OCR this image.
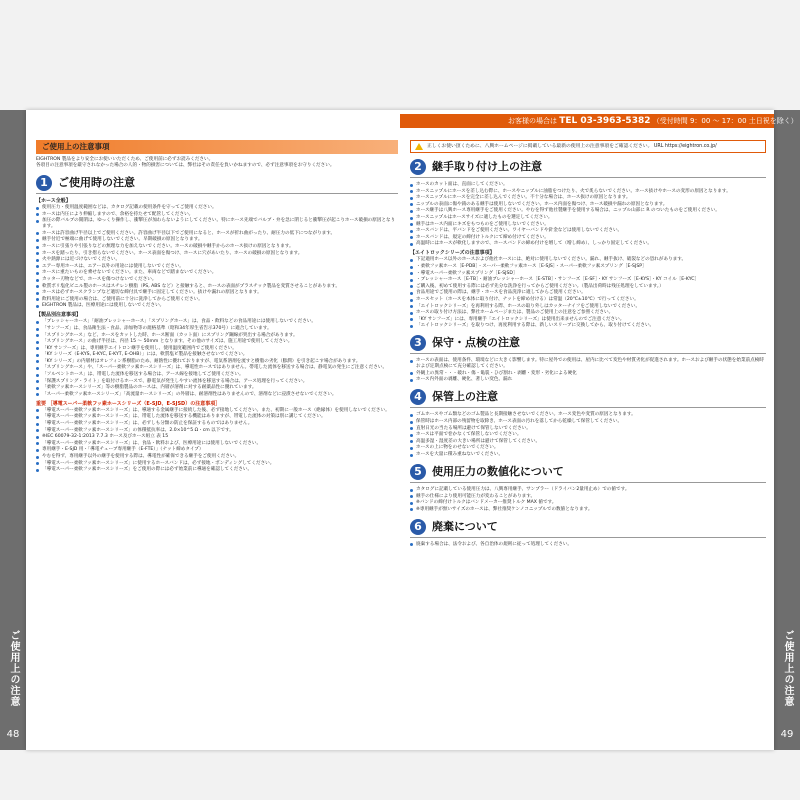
ご使用上の注意
48
ご使用上の注意
49
お客様の場合は TEL 03-3963-5382 （受付時間 9：00 ～ 17：00 土日祝を除く）
ご使用上の注意事項
EIGHTRON 製品をより安全にお使いいただくため、ご使用前に必ずお読みください。
各項目の注意事項を厳守されなかった場合の人的・物的損害については、弊社はその責任を負いかねますので、必ず注意事項をお守りください。
1 ご使用時の注意
【ホース全般】
使用圧力・使用温度範囲などは、カタログ記載の使用条件を守ってご使用ください。
ホースは内圧により伸縮しますので、余裕を持たせて配管してください。
加圧の際バルブの開閉は、ゆっくり操作し、衝撃圧が加わらないようにしてください。特にホース先端でバルブ・弁を急に閉じると衝撃圧が起こりホース破損の原因となります。
ホースは許容曲げ半径以上でご使用ください。許容曲げ半径以下でご使用になると、ホースが折れ曲がったり、耐圧力の低下につながります。
継手付近で極端に曲げて使用しないでください。早期破損の原因となります。
ホースに引張りや引張りなどの無理な力を加えないでください。ホースの破損や継手からのホース抜けの原因となります。
ホースを踏ったり、引き摺らないでください。ホース表面を傷つけ、ホースに穴があいたり、ホースの破損の原因となります。
火や熱源には近づけないでください。
エアー専用ホースは、エアー以外の用途には使用しないでください。
ホースに重たいものを乗せないでください。また、車両などで踏まないでください。
カッター刃物などで、ホースを傷つけないでください。
軟質ポリ塩化ビニル製のホースはスチレン樹脂（PS, ABS など）と接触すると、ホースの表面がプラスチック製品を変質させることがあります。
ホースは必ずホースクランプなど適切な締付具で継手に固定してください。抜けや漏れの原因となります。
飲料用途にご使用の場合は、ご使用前に十分に洗浄してからご使用ください。
EIGHTRON 製品は、医療用途には使用しないでください。
【製品別注意事項】
「ブレッシャーホース」「耐油ブレッシャーホース」「スプリングホース」は、食品・飲料などの食品用途には使用しないでください。
「サンフーズ」は、食品衛生法・食品、添加物等の規格基準（昭和34年厚生省告示370号）に適合しています。
「スプリングホース」など、ホースをカットした時、ホース断面（カット面）にスプリング鋼線が突出する場合があります。
「スプリングホース」の曲げ半径は、内径 15 ～ 50mm となります。その他のサイズは、施工用途で使用してください。
「KY サンフーズ」は、専用継手エイトロン継手を使用し、使用温度範囲内でご使用ください。
「KY シリーズ（E-KYS, E-KYC, E-KYT, E-OHB）」には、軟質塩ビ製品を接触させないでください。
「KY シリーズ」の内層材はオレフィン系樹脂のため、耐熱性に優れておりますが、電気系溶剤を流すと樹脂の劣化（膨潤）を引き起こす場合があります。
「スプリングホース」や、「スーパー柔軟フッ素ホースシリーズ」は、導電性ホースではありません。帯電した流体を移送する場合は、静電気の発生にご注意ください。
「ソルベントホース」は、帯電した流体を移送する場合は、アース線を接地してご使用ください。
「保護スプリング・ライト」を取付けるホースで、静電気が発生しやすい流体を移送する場合は、アース処理を行ってください。
「柔軟フッ素ホースシリーズ」等の樹脂製品のホースは、内層が溶剤に対する耐薬品性に優れています。
「スーパー柔軟フッ素ホースシリーズ」「高流量ホースシリーズ」の外層は、耐溶剤性はありませんので、溶剤などに浸漬させないでください。
重要 ［導電スーパー柔軟フッ素ホースシリーズ（E-SJD、E-SJSD）の注意事項］
「導電スーパー柔軟フッ素ホースシリーズ」は、導通する金属継手に接続した後、必ず接地してください。また、初期に一般ホース（絶縁体）を使用しないでください。
「導電スーパー柔軟フッ素ホースシリーズ」は、帯電した流体を移送する機能はありますが、帯電した流体の対策は別に講じてください。
「導電スーパー柔軟フッ素ホースシリーズ」は、必ずしも分類の防止を保証するものではありません。
「導電スーパー柔軟フッ素ホースシリーズ」の体積抵抗率は、2.0×10^5 Ω・cm 以下です。
※IEC 60079-32-1:2013 7.7.3 ホース及びホース組立 表 15
「導電スーパー柔軟フッ素ホースシリーズ」は、食品・飲料および、医療用途には使用しないでください。
専用継手・E-SJD 用・「導電チューブ専用継手（E-FTE）」（ナット締めタイプ）
やむを得ず、専用継手以外の継手を使用する際は、導電性が確保できる継手をご使用ください。
「導電スーパー柔軟フッ素ホースシリーズ」に使用するホースバンドは、必ず接地・ボンディングしてください。
「導電スーパー柔軟フッ素ホースシリーズ」をご使用の際には必ず始業前に導通を確認してください。
正しくお使い頂くために、八興ホームページに掲載している最新の使用上の注意事項をご確認ください。 URL https://eightron.co.jp/
2 継手取り付け上の注意
ホースのカット面は、直面にしてください。
ホースニップルにホースを差し込む際に、ホースやニップルに油脂をつけたり、火で炙らないでください。ホース抜けやホースの変形の原因となります。
ホースニップルにホースを完全に差し込んでください。不十分な場合は、ホース抜けの原因となります。
ニップルの表面に傷や錆のある継手は使用しないでください。ホース内面を傷つけ、ホース破損や漏れの原因となります。
ホース継手は八興ホース専用継手をご使用ください。やむを得ず他社製継手を使用する場合は、ニップル山部に R のついたものをご使用ください。
ホースニップルはホースサイズに適したものを選定してください。
継手はホース内面にキズをもつものをご使用しないでください。
ホースバンドは、平バンドをご使用ください。ワイヤーバンドや針金などは使用しないでください。
ホースバンドは、規定の締付けトルクにて締め付けてください。
高温時にはホースが軟化しますので、ホースバンドの締め付けを増して（増し締め）、しっかり固定してください。
【エイトロックシリーズの注意事項】
下記適用ホース以外のホースおよび他社ホースには、絶対に使用しないでください。漏れ、継手抜け、破裂などの恐れがあります。
・柔軟フッ素ホース［E-PDB］・スーパー柔軟フッ素ホース［E-SJS］・スーパー柔軟フッ素スプリング［E-SJSP］
・導電スーパー柔軟フッ素スプリング［E-SJSD］
・ブレッシャーホース［E-TB］・耐油ブレッシャーホース［E-STB］・サンフーズ［E-SF］・KY サンフーズ［E-KYS］・KY コイル［E-KYC］
ご購入後、初めて使用する際には必ず先分な洗浄を行ってからご使用ください。（製品出荷時は残圧処理をしています。）
食品用途でご使用の際は、継手・ホースを食品洗浄に適してからご使用ください。
ホースセット（ホースを本体に取り付け、ナットを締め付ける）は常温（20℃±10℃）で行ってください。
「エイトロックシリーズ」を再利用する際、ホースの取り外しはカッターナイフをご使用しないでください。
ホースの取り付け方法は、弊社ホームページまたは、製品のご使用上の注意をご参照ください。
「KY サンフーズ」には、専用継手「エイトロックシリーズ」は使用出来ませんのでご注意ください。
「エイトロックシリーズ」を取りつけ、再度利用する際は、新しいスリーブに交換してから、取り付けてください。
3 保守・点検の注意
ホースの表面は、使用条件、環境などに大きく影響します。特に屋外での使用は、屋内に比べて変色や材質劣化が促進されます。ホースおよび継手の状態を始業前点検時および定期点検にて充分確認してください。
外観上の異常・・・破れ・傷・亀裂・ひび割れ・剥離・変形・劣化による硬化
ホース内外面の剥離、硬化、著しい変色、漏れ
4 保管上の注意
ゴムホースやゴム類などのゴム製品と長期接触させないでください。ホース変色や変質の原因となります。
保管時はホース内部の残留物を取除き、ホース表面の汚れを落してから乾燥して保管してください。
直射日光の当たる場所は避けて保管しないでください。
ホースは平面で巻かなくて保管しないでください。
高温多湿・湿度差の大きい場所は避けて保管してください。
ホースの上に物をのせないでください。
ホースを大量に積み重ねないでください。
5 使用圧力の数値化について
カタログに記載している使用圧力は、八興専用継手、サンプラー（ドライバン2量用止め）での値です。
継手の仕様により使用可能圧力が変わることがあります。
※バンドの締付けトルクはバンドメーカー推奨トルク MAX 値です。
※専用継手が無いサイズのホースは、弊社推奨ケンノコニップルでの数値となります。
6 廃棄について
廃棄する場合は、法令および、各自治体の規則に従って処理してください。
